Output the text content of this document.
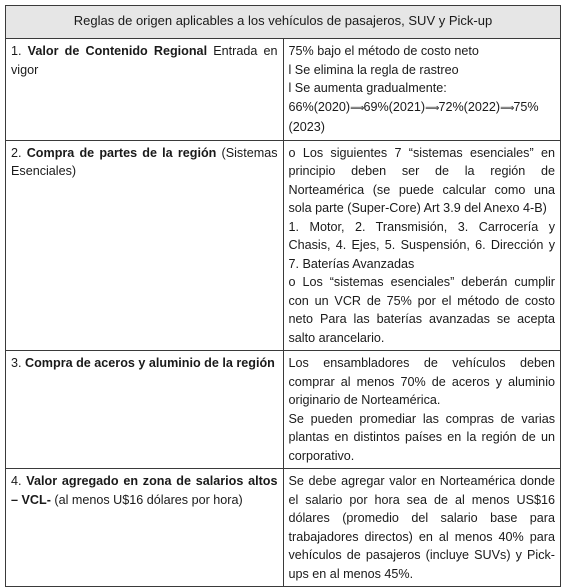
Reglas de origen aplicables a los vehículos de pasajeros, SUV y Pick-up	
1. Valor de Contenido Regional Entrada en vigor	75% bajo el método de costo neto
l Se elimina la regla de rastreo
l Se aumenta gradualmente:
66%(2020)⟹69%(2021)⟹72%(2022)⟹75%(2023)

2. Compra de partes de la región (Sistemas Esenciales)	o Los siguientes 7 “sistemas esenciales” en principio deben ser de la región de Norteamérica (se puede calcular como una sola parte (Super-Core) Art 3.9 del Anexo 4-B)
1. Motor, 2. Transmisión, 3. Carrocería y Chasis, 4. Ejes, 5. Suspensión, 6. Dirección y 7. Baterías Avanzadas
o Los “sistemas esenciales” deberán cumplir con un VCR de 75% por el método de costo neto Para las baterías avanzadas se acepta salto arancelario.

3. Compra de aceros y aluminio de la región	Los ensambladores de vehículos deben comprar al menos 70% de aceros y aluminio originario de Norteamérica.
Se pueden promediar las compras de varias plantas en distintos países en la región de un corporativo.

4. Valor agregado en zona de salarios altos – VCL- (al menos U$16 dólares por hora)	Se debe agregar valor en Norteamérica donde el salario por hora sea de al menos US$16 dólares (promedio del salario base para trabajadores directos) en al menos 40% para vehículos de pasajeros (incluye SUVs) y Pick-ups en al menos 45%.
